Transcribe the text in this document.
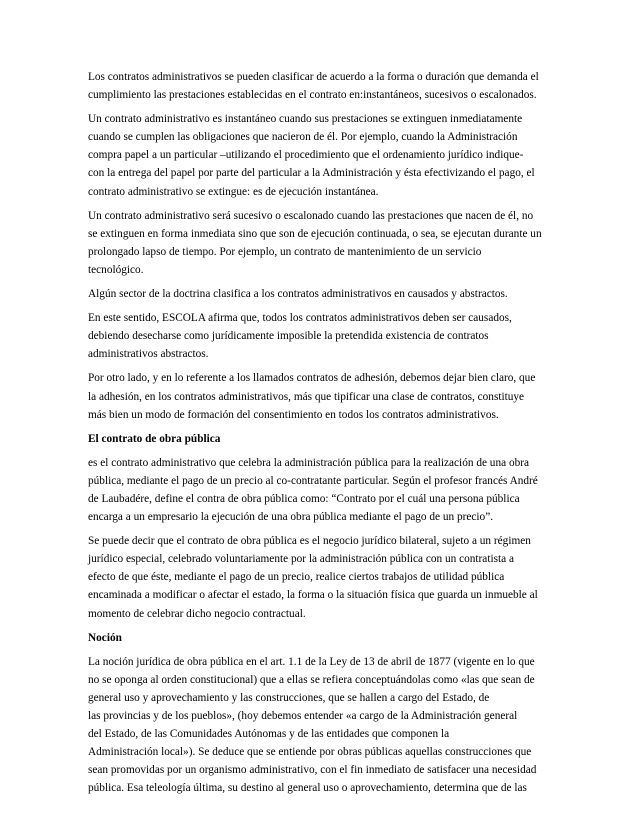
Los contratos administrativos se pueden clasificar de acuerdo a la forma o duración que demanda el
cumplimiento las prestaciones establecidas en el contrato en:instantáneos, sucesivos o escalonados.

Un contrato administrativo es instantáneo cuando sus prestaciones se extinguen inmediatamente
cuando se cumplen las obligaciones que nacieron de él. Por ejemplo, cuando la Administración
compra papel a un particular –utilizando el procedimiento que el ordenamiento jurídico indique-
con la entrega del papel por parte del particular a la Administración y ésta efectivizando el pago, el
contrato administrativo se extingue: es de ejecución instantánea.

Un contrato administrativo será sucesivo o escalonado cuando las prestaciones que nacen de él, no
se extinguen en forma inmediata sino que son de ejecución continuada, o sea, se ejecutan durante un
prolongado lapso de tiempo. Por ejemplo, un contrato de mantenimiento de un servicio
tecnológico.

Algún sector de la doctrina clasifica a los contratos administrativos en causados y abstractos.

En este sentido, ESCOLA afirma que, todos los contratos administrativos deben ser causados,
debiendo desecharse como jurídicamente imposible la pretendida existencia de contratos
administrativos abstractos.

Por otro lado, y en lo referente a los llamados contratos de adhesión, debemos dejar bien claro, que
la adhesión, en los contratos administrativos, más que tipificar una clase de contratos, constituye
más bien un modo de formación del consentimiento en todos los contratos administrativos.

El contrato de obra pública

es el contrato administrativo que celebra la administración pública para la realización de una obra
pública, mediante el pago de un precio al co-contratante particular. Según el profesor francés André
de Laubadére, define el contra de obra pública como: “Contrato por el cuál una persona pública
encarga a un empresario la ejecución de una obra pública mediante el pago de un precio”.

Se puede decir que el contrato de obra pública es el negocio jurídico bilateral, sujeto a un régimen
jurídico especial, celebrado voluntariamente por la administración pública con un contratista a
efecto de que éste, mediante el pago de un precio, realice ciertos trabajos de utilidad pública
encaminada a modificar o afectar el estado, la forma o la situación física que guarda un inmueble al
momento de celebrar dicho negocio contractual.

Noción

La noción jurídica de obra pública en el art. 1.1 de la Ley de 13 de abril de 1877 (vigente en lo que
no se oponga al orden constitucional) que a ellas se refiera conceptuándolas como «las que sean de
general uso y aprovechamiento y las construcciones, que se hallen a cargo del Estado, de
las provincias y de los pueblos», (hoy debemos entender «a cargo de la Administración general
del Estado, de las Comunidades Autónomas y de las entidades que componen la
Administración local»). Se deduce que se entiende por obras públicas aquellas construcciones que
sean promovidas por un organismo administrativo, con el fin inmediato de satisfacer una necesidad
pública. Esa teleología última, su destino al general uso o aprovechamiento, determina que de las
